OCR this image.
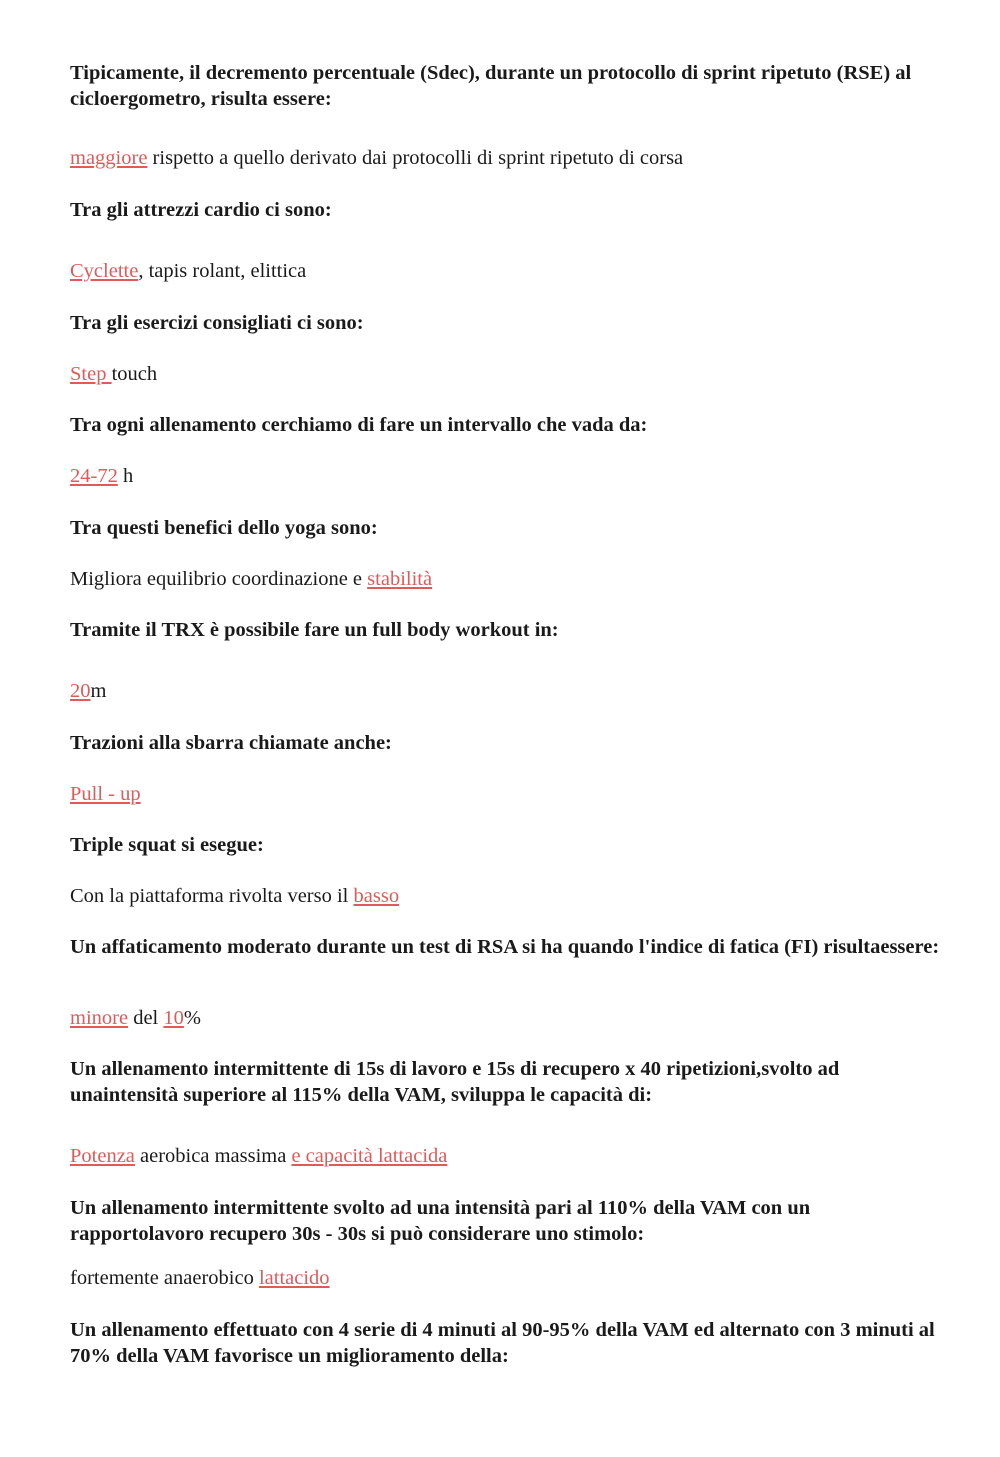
Tipicamente, il decremento percentuale (Sdec), durante un protocollo di sprint ripetuto (RSE) al cicloergometro, risulta essere:

maggiore rispetto a quello derivato dai protocolli di sprint ripetuto di corsa

Tra gli attrezzi cardio ci sono:

Cyclette, tapis rolant, elittica

Tra gli esercizi consigliati ci sono:

Step touch

Tra ogni allenamento cerchiamo di fare un intervallo che vada da:

24-72 h

Tra questi benefici dello yoga sono:

Migliora equilibrio coordinazione e stabilità

Tramite il TRX è possibile fare un full body workout in:

20m

Trazioni alla sbarra chiamate anche:

Pull - up

Triple squat si esegue:

Con la piattaforma rivolta verso il basso

Un affaticamento moderato durante un test di RSA si ha quando l'indice di fatica (FI) risultaessere:

minore del 10%

Un allenamento intermittente di 15s di lavoro e 15s di recupero x 40 ripetizioni,svolto ad unaintensità superiore al 115% della VAM, sviluppa le capacità di:

Potenza aerobica massima e capacità lattacida

Un allenamento intermittente svolto ad una intensità pari al 110% della VAM con un rapportolavoro recupero 30s - 30s si può considerare uno stimolo:

fortemente anaerobico lattacido

Un allenamento effettuato con 4 serie di 4 minuti al 90-95% della VAM ed alternato con 3 minuti al 70% della VAM favorisce un miglioramento della:
